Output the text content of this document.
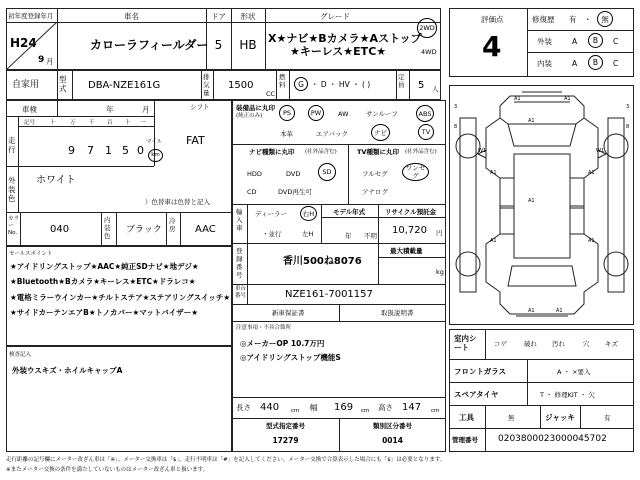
初年度登録年月
H24
9 月
車名
カローラフィールダー
ドア
5
形状
HB
グレード
X★ナビ★Bカメラ★Aストップ
★キーレス★ETC★
2WD
4WD
自家用
型式 DBA-NZE161G
排気量
1500
CC
燃料 G ・ D ・ HV ・ ( )
定員 5 人
評価点
4
修復歴 有 ・ 無
外装	A B C
内装	A B C
車検	年	月	シフト
FAT
走行
記号	十	万 千 百 十 一
9 7 1 5 0
マイル
km
外装色
ホワイト
）色替車は色替と記入
カラー No.	040
内装色
ブラック
冷房	AAC
セールスポイント
★アイドリングストップ★AAC★純正SDナビ★地デジ★
★Bluetooth★Bカメラ★キーレス★ETC★ドラレコ★
★電格ミラーウインカー★チルトステア★ステアリングスイッチ★
★サイドカーテンエアB★トノカバー★マットバイザー★
検査記入
外装ウスキズ・ホイルキャップA
装備品に丸印
(純正のみ)	PS	PW	AW	サンルーフ	ABS
本革	エアバック	ナビ	TV
ナビ種類に丸印 (社外品含む)
HDD	DVD	SD
CD	DVD再生可
TV種類に丸印 (社外品含む)
フルセグ
ワンセグ
アナログ
輸入車
ディーラー
・並行
右H
左H
モデル年式
年 不明
リサイクル預託金
10,720 円
登録番号
香川500ね8076
最大積載量
kg
車台番号	NZE161-7001157
新車保証書	取扱説明書
注意事項・不具合箇所
◎メーカーOP 10.7万円
◎アイドリングストップ機能S
長さ 440 cm 幅 169 cm 高さ 147 cm
型式指定番号
17279
類別区分番号
0014
A1	A1
A1
A1
A1	A1
W1	W1
A1	A1
A1	A1
3
8
3
8
室内シート	コゲ	破れ 汚れ	穴 キズ
フロントガラス	A ・ ×要入
スペアタイヤ	T ・ 修理KIT ・ 欠
工具	無	ジャッキ	有
管理番号 0203800023000045702
走行距離の記号欄にメーター改ざん車は「※」、メーター交換車は「$」、走行不明車は「#」を記入してください。メーター交換で合算表示した場合にも「$」は必要となります。
※またメーター交換の条件を満たしていないものはメーター改ざん車と扱います。
